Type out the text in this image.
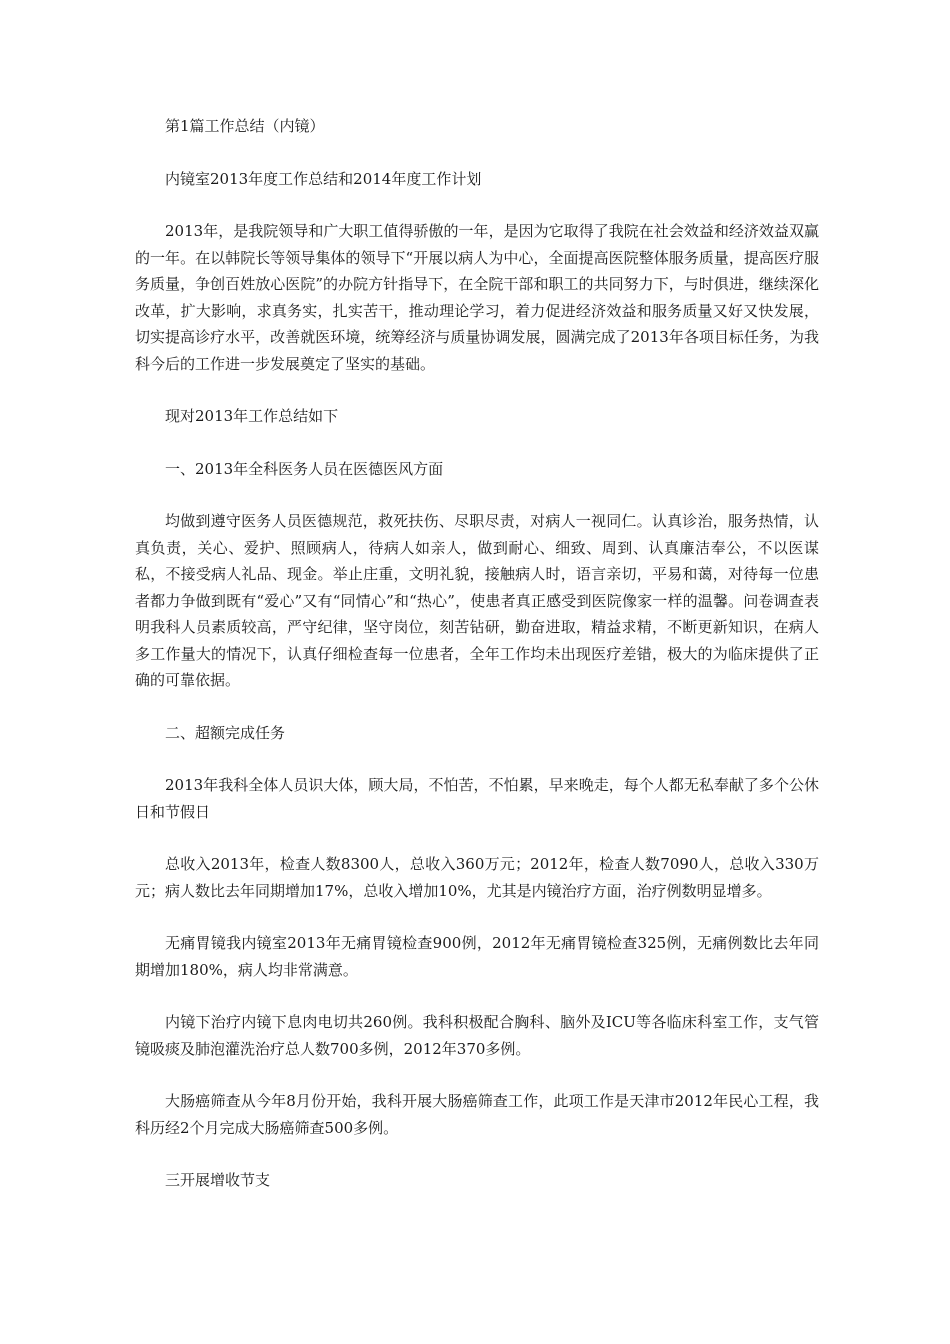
第1篇工作总结（内镜）

内镜室2013年度工作总结和2014年度工作计划

2013年，是我院领导和广大职工值得骄傲的一年，是因为它取得了我院在社会效益和经济效益双赢的一年。在以韩院长等领导集体的领导下“开展以病人为中心，全面提高医院整体服务质量，提高医疗服务质量，争创百姓放心医院”的办院方针指导下，在全院干部和职工的共同努力下，与时俱进，继续深化改革，扩大影响，求真务实，扎实苦干，推动理论学习，着力促进经济效益和服务质量又好又快发展，切实提高诊疗水平，改善就医环境，统筹经济与质量协调发展，圆满完成了2013年各项目标任务，为我科今后的工作进一步发展奠定了坚实的基础。

现对2013年工作总结如下

一、2013年全科医务人员在医德医风方面

均做到遵守医务人员医德规范，救死扶伤、尽职尽责，对病人一视同仁。认真诊治，服务热情，认真负责，关心、爱护、照顾病人，待病人如亲人，做到耐心、细致、周到、认真廉洁奉公，不以医谋私，不接受病人礼品、现金。举止庄重，文明礼貌，接触病人时，语言亲切，平易和蔼，对待每一位患者都力争做到既有“爱心”又有“同情心”和“热心”，使患者真正感受到医院像家一样的温馨。问卷调查表明我科人员素质较高，严守纪律，坚守岗位，刻苦钻研，勤奋进取，精益求精，不断更新知识，在病人多工作量大的情况下，认真仔细检查每一位患者，全年工作均未出现医疗差错，极大的为临床提供了正确的可靠依据。

二、超额完成任务

2013年我科全体人员识大体，顾大局，不怕苦，不怕累，早来晚走，每个人都无私奉献了多个公休日和节假日

总收入2013年，检查人数8300人，总收入360万元；2012年，检查人数7090人，总收入330万元；病人数比去年同期增加17%，总收入增加10%，尤其是内镜治疗方面，治疗例数明显增多。

无痛胃镜我内镜室2013年无痛胃镜检查900例，2012年无痛胃镜检查325例，无痛例数比去年同期增加180%，病人均非常满意。

内镜下治疗内镜下息肉电切共260例。我科积极配合胸科、脑外及ICU等各临床科室工作，支气管镜吸痰及肺泡灌洗治疗总人数700多例，2012年370多例。

大肠癌筛查从今年8月份开始，我科开展大肠癌筛查工作，此项工作是天津市2012年民心工程，我科历经2个月完成大肠癌筛查500多例。

三开展增收节支
